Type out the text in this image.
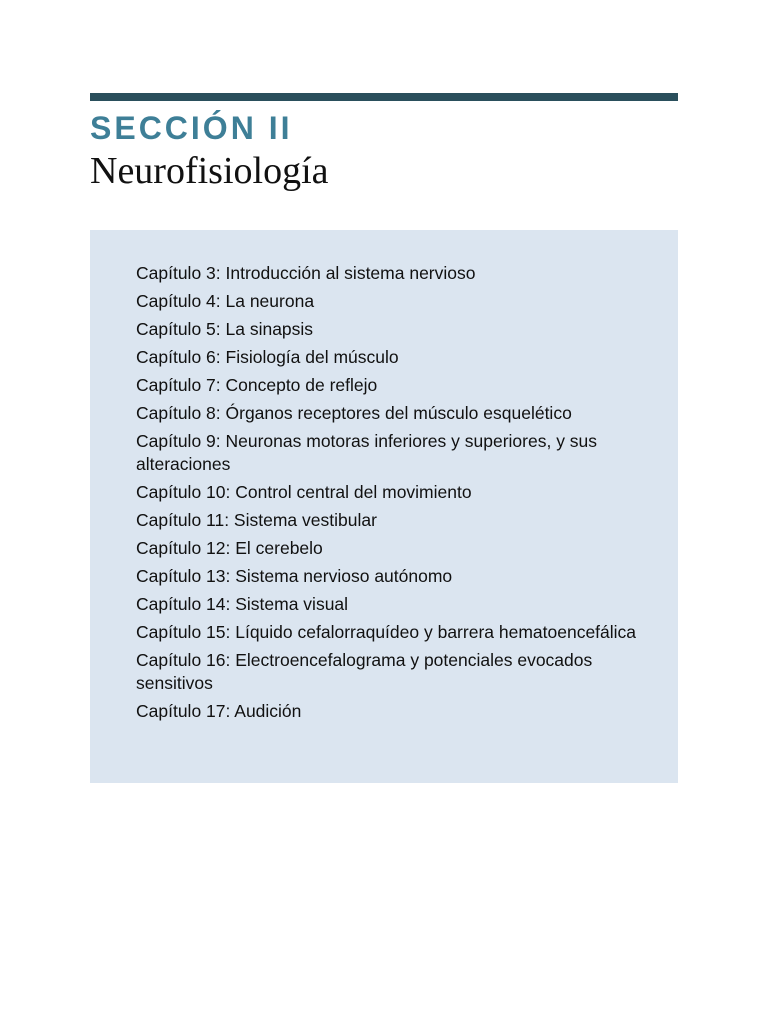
SECCIÓN II
Neurofisiología
Capítulo 3: Introducción al sistema nervioso
Capítulo 4: La neurona
Capítulo 5: La sinapsis
Capítulo 6: Fisiología del músculo
Capítulo 7: Concepto de reflejo
Capítulo 8: Órganos receptores del músculo esquelético
Capítulo 9: Neuronas motoras inferiores y superiores, y sus alteraciones
Capítulo 10: Control central del movimiento
Capítulo 11: Sistema vestibular
Capítulo 12: El cerebelo
Capítulo 13: Sistema nervioso autónomo
Capítulo 14: Sistema visual
Capítulo 15: Líquido cefalorraquídeo y barrera hematoencefálica
Capítulo 16: Electroencefalograma y potenciales evocados sensitivos
Capítulo 17: Audición
